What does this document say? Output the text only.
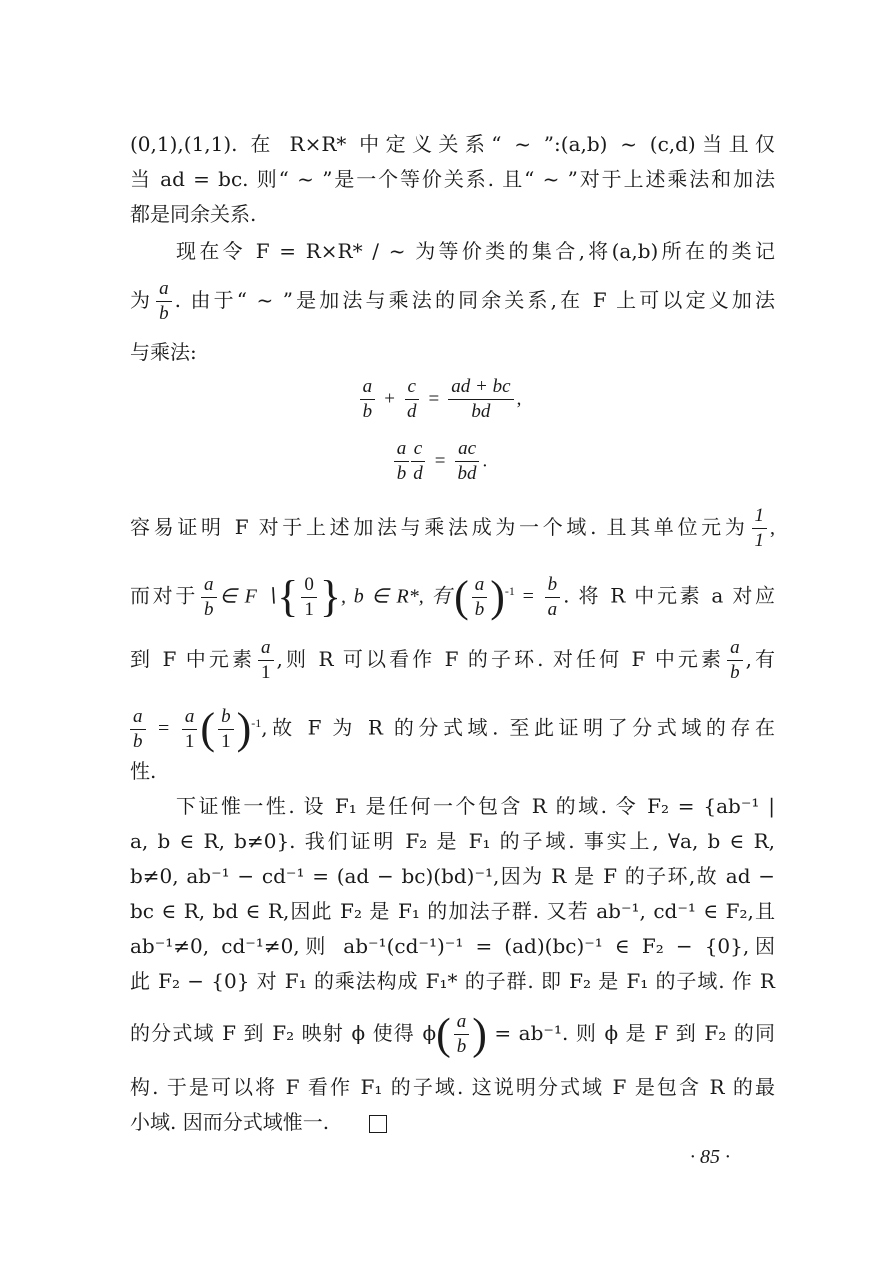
(0,1),(1,1). 在 R×R* 中定义关系“ ~ ”:(a,b) ~ (c,d)当且仅
当 ad = bc. 则“ ~ ”是一个等价关系. 且“ ~ ”对于上述乘法和加法
都是同余关系.
现在令 F = R×R* ∕ ~ 为等价类的集合,将(a,b)所在的类记
为 $\frac{a}{b}$ . 由于“ ~ ”是加法与乘法的同余关系,在 F 上可以定义加法
与乘法:
$\frac{a}{b} + \frac{c}{d} = \frac{ad + bc}{bd}$ ,
$\frac{a}{b} \frac{c}{d} = \frac{ac}{bd}$ .
容易证明 F 对于上述加法与乘法成为一个域. 且其单位元为 $\frac{1}{1}$ ,
而对于 $\frac{a}{b}$ ∈ F ∖{ $\frac{0}{1}$ }, b ∈ R*, 有( $\frac{a}{b} )^{-1} = \frac{b}{a}$ . 将 R 中元素 a 对应
到 F 中元素 $\frac{a}{1}$ ,则 R 可以看作 F 的子环. 对任何 F 中元素 $\frac{a}{b}$ ,有
$\frac{a}{b} = \frac{a}{1}$ ( $\frac{b}{1} )^{-1}$,故 F 为 R 的分式域. 至此证明了分式域的存在
性.
下证惟一性. 设 F₁ 是任何一个包含 R 的域. 令 F₂ = {ab⁻¹ |
a, b ∈ R, b≠0}. 我们证明 F₂ 是 F₁ 的子域. 事实上, ∀a, b ∈ R,
b≠0, ab⁻¹ − cd⁻¹ = (ad − bc)(bd)⁻¹,因为 R 是 F 的子环,故 ad −
bc ∈ R, bd ∈ R,因此 F₂ 是 F₁ 的加法子群. 又若 ab⁻¹, cd⁻¹ ∈ F₂,且
ab⁻¹≠0, cd⁻¹≠0,则 ab⁻¹(cd⁻¹)⁻¹ = (ad)(bc)⁻¹ ∈ F₂ − {0},因
此 F₂ − {0} 对 F₁ 的乘法构成 F₁* 的子群. 即 F₂ 是 F₁ 的子域. 作 R
的分式域 F 到 F₂ 映射 ϕ 使得 $\phi( \frac{a}{b}$ ) = ab⁻¹. 则 ϕ 是 F 到 F₂ 的同
构. 于是可以将 F 看作 F₁ 的子域. 这说明分式域 F 是包含 R 的最
小域. 因而分式域惟一.
· 85 ·
